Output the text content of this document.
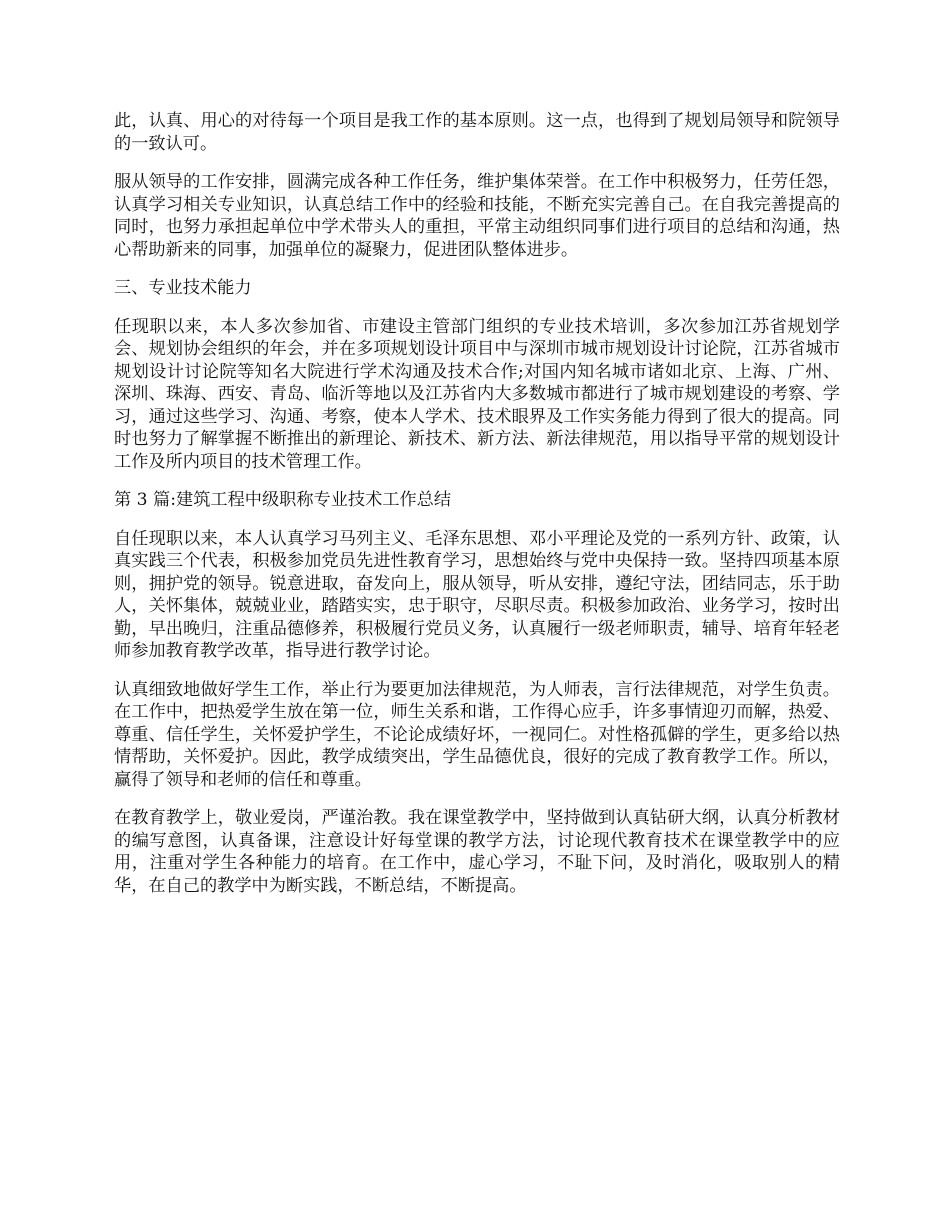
此，认真、用心的对待每一个项目是我工作的基本原则。这一点，也得到了规划局领导和院领导的一致认可。

服从领导的工作安排，圆满完成各种工作任务，维护集体荣誉。在工作中积极努力，任劳任怨，认真学习相关专业知识，认真总结工作中的经验和技能，不断充实完善自己。在自我完善提高的同时，也努力承担起单位中学术带头人的重担，平常主动组织同事们进行项目的总结和沟通，热心帮助新来的同事，加强单位的凝聚力，促进团队整体进步。

三、专业技术能力

任现职以来，本人多次参加省、市建设主管部门组织的专业技术培训，多次参加江苏省规划学会、规划协会组织的年会，并在多项规划设计项目中与深圳市城市规划设计讨论院，江苏省城市规划设计讨论院等知名大院进行学术沟通及技术合作;对国内知名城市诸如北京、上海、广州、深圳、珠海、西安、青岛、临沂等地以及江苏省内大多数城市都进行了城市规划建设的考察、学习，通过这些学习、沟通、考察，使本人学术、技术眼界及工作实务能力得到了很大的提高。同时也努力了解掌握不断推出的新理论、新技术、新方法、新法律规范，用以指导平常的规划设计工作及所内项目的技术管理工作。

第 3 篇:建筑工程中级职称专业技术工作总结

自任现职以来，本人认真学习马列主义、毛泽东思想、邓小平理论及党的一系列方针、政策，认真实践三个代表，积极参加党员先进性教育学习，思想始终与党中央保持一致。坚持四项基本原则，拥护党的领导。锐意进取，奋发向上，服从领导，听从安排，遵纪守法，团结同志，乐于助人，关怀集体，兢兢业业，踏踏实实，忠于职守，尽职尽责。积极参加政治、业务学习，按时出勤，早出晚归，注重品德修养，积极履行党员义务，认真履行一级老师职责，辅导、培育年轻老师参加教育教学改革，指导进行教学讨论。

认真细致地做好学生工作，举止行为要更加法律规范，为人师表，言行法律规范，对学生负责。在工作中，把热爱学生放在第一位，师生关系和谐，工作得心应手，许多事情迎刃而解，热爱、尊重、信任学生，关怀爱护学生，不论论成绩好坏，一视同仁。对性格孤僻的学生，更多给以热情帮助，关怀爱护。因此，教学成绩突出，学生品德优良，很好的完成了教育教学工作。所以，赢得了领导和老师的信任和尊重。

在教育教学上，敬业爱岗，严谨治教。我在课堂教学中，坚持做到认真钻研大纲，认真分析教材的编写意图，认真备课，注意设计好每堂课的教学方法，讨论现代教育技术在课堂教学中的应用，注重对学生各种能力的培育。在工作中，虚心学习，不耻下问，及时消化，吸取别人的精华，在自己的教学中为断实践，不断总结，不断提高。
